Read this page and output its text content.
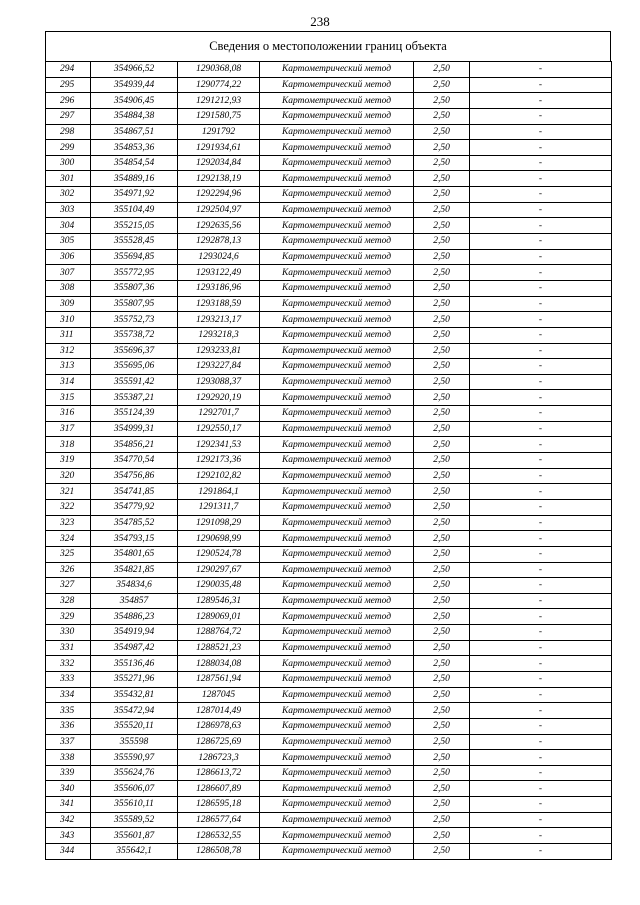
238
Сведения о местоположении границ объекта
294	354966,52	1290368,08	Картометрический метод	2,50	-
295	354939,44	1290774,22	Картометрический метод	2,50	-
296	354906,45	1291212,93	Картометрический метод	2,50	-
297	354884,38	1291580,75	Картометрический метод	2,50	-
298	354867,51	1291792	Картометрический метод	2,50	-
299	354853,36	1291934,61	Картометрический метод	2,50	-
300	354854,54	1292034,84	Картометрический метод	2,50	-
301	354889,16	1292138,19	Картометрический метод	2,50	-
302	354971,92	1292294,96	Картометрический метод	2,50	-
303	355104,49	1292504,97	Картометрический метод	2,50	-
304	355215,05	1292635,56	Картометрический метод	2,50	-
305	355528,45	1292878,13	Картометрический метод	2,50	-
306	355694,85	1293024,6	Картометрический метод	2,50	-
307	355772,95	1293122,49	Картометрический метод	2,50	-
308	355807,36	1293186,96	Картометрический метод	2,50	-
309	355807,95	1293188,59	Картометрический метод	2,50	-
310	355752,73	1293213,17	Картометрический метод	2,50	-
311	355738,72	1293218,3	Картометрический метод	2,50	-
312	355696,37	1293233,81	Картометрический метод	2,50	-
313	355695,06	1293227,84	Картометрический метод	2,50	-
314	355591,42	1293088,37	Картометрический метод	2,50	-
315	355387,21	1292920,19	Картометрический метод	2,50	-
316	355124,39	1292701,7	Картометрический метод	2,50	-
317	354999,31	1292550,17	Картометрический метод	2,50	-
318	354856,21	1292341,53	Картометрический метод	2,50	-
319	354770,54	1292173,36	Картометрический метод	2,50	-
320	354756,86	1292102,82	Картометрический метод	2,50	-
321	354741,85	1291864,1	Картометрический метод	2,50	-
322	354779,92	1291311,7	Картометрический метод	2,50	-
323	354785,52	1291098,29	Картометрический метод	2,50	-
324	354793,15	1290698,99	Картометрический метод	2,50	-
325	354801,65	1290524,78	Картометрический метод	2,50	-
326	354821,85	1290297,67	Картометрический метод	2,50	-
327	354834,6	1290035,48	Картометрический метод	2,50	-
328	354857	1289546,31	Картометрический метод	2,50	-
329	354886,23	1289069,01	Картометрический метод	2,50	-
330	354919,94	1288764,72	Картометрический метод	2,50	-
331	354987,42	1288521,23	Картометрический метод	2,50	-
332	355136,46	1288034,08	Картометрический метод	2,50	-
333	355271,96	1287561,94	Картометрический метод	2,50	-
334	355432,81	1287045	Картометрический метод	2,50	-
335	355472,94	1287014,49	Картометрический метод	2,50	-
336	355520,11	1286978,63	Картометрический метод	2,50	-
337	355598	1286725,69	Картометрический метод	2,50	-
338	355590,97	1286723,3	Картометрический метод	2,50	-
339	355624,76	1286613,72	Картометрический метод	2,50	-
340	355606,07	1286607,89	Картометрический метод	2,50	-
341	355610,11	1286595,18	Картометрический метод	2,50	-
342	355589,52	1286577,64	Картометрический метод	2,50	-
343	355601,87	1286532,55	Картометрический метод	2,50	-
344	355642,1	1286508,78	Картометрический метод	2,50	-
